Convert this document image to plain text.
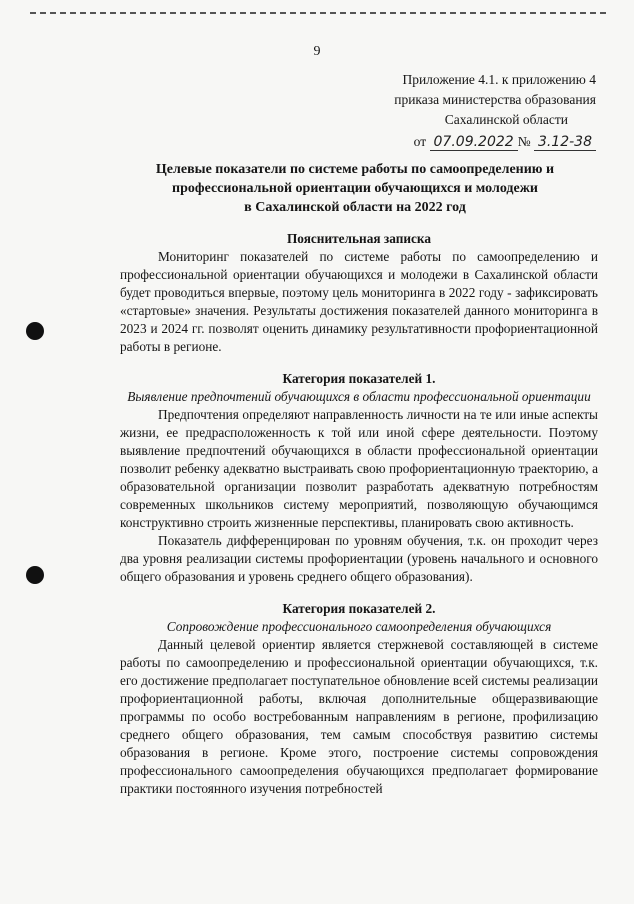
9
Приложение 4.1. к приложению 4
приказа министерства образования
Сахалинской области
от 07.09.2022 № 3.12-38
Целевые показатели по системе работы по самоопределению и
профессиональной ориентации обучающихся и молодежи
в Сахалинской области на 2022 год

Пояснительная записка

Мониторинг показателей по системе работы по самоопределению и профессиональной ориентации обучающихся и молодежи в Сахалинской области будет проводиться впервые, поэтому цель мониторинга в 2022 году - зафиксировать «стартовые» значения. Результаты достижения показателей данного мониторинга в 2023 и 2024 гг. позволят оценить динамику результативности профориентационной работы в регионе.

Категория показателей 1.

Выявление предпочтений обучающихся в области профессиональной ориентации

Предпочтения определяют направленность личности на те или иные аспекты жизни, ее предрасположенность к той или иной сфере деятельности. Поэтому выявление предпочтений обучающихся в области профессиональной ориентации позволит ребенку адекватно выстраивать свою профориентационную траекторию, а образовательной организации позволит разработать адекватную потребностям современных школьников систему мероприятий, позволяющую обучающимся конструктивно строить жизненные перспективы, планировать свою активность.

Показатель дифференцирован по уровням обучения, т.к. он проходит через два уровня реализации системы профориентации (уровень начального и основного общего образования и уровень среднего общего образования).

Категория показателей 2.

Сопровождение профессионального самоопределения обучающихся

Данный целевой ориентир является стержневой составляющей в системе работы по самоопределению и профессиональной ориентации обучающихся, т.к. его достижение предполагает поступательное обновление всей системы реализации профориентационной работы, включая дополнительные общеразвивающие программы по особо востребованным направлениям в регионе, профилизацию среднего общего образования, тем самым способствуя развитию системы образования в регионе. Кроме этого, построение системы сопровождения профессионального самоопределения обучающихся предполагает формирование практики постоянного изучения потребностей
